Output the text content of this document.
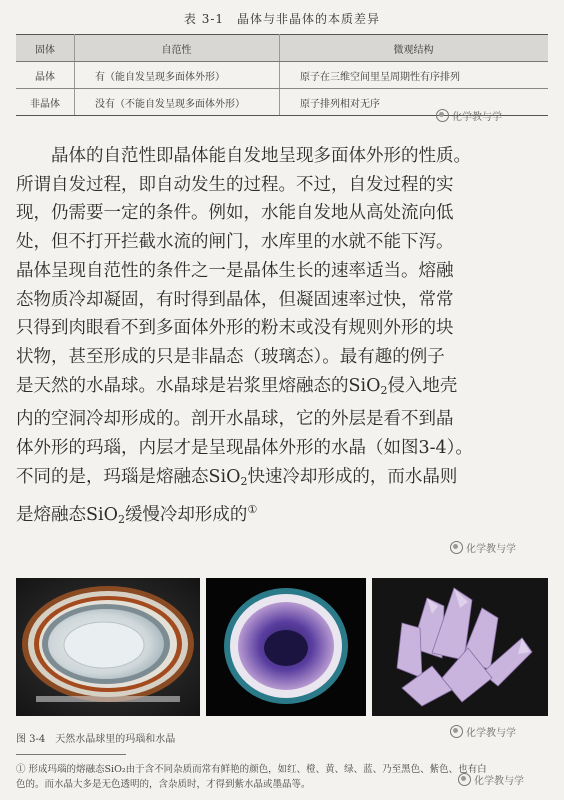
表 3-1　晶体与非晶体的本质差异
固体	自范性	微观结构
晶体	有（能自发呈现多面体外形）	原子在三维空间里呈周期性有序排列
非晶体	没有（不能自发呈现多面体外形）	原子排列相对无序
化学教与学
　　晶体的自范性即晶体能自发地呈现多面体外形的性质。
所谓自发过程，即自动发生的过程。不过，自发过程的实
现，仍需要一定的条件。例如，水能自发地从高处流向低
处，但不打开拦截水流的闸门，水库里的水就不能下泻。
晶体呈现自范性的条件之一是晶体生长的速率适当。熔融
态物质冷却凝固，有时得到晶体，但凝固速率过快，常常
只得到肉眼看不到多面体外形的粉末或没有规则外形的块
状物，甚至形成的只是非晶态（玻璃态）。最有趣的例子
是天然的水晶球。水晶球是岩浆里熔融态的SiO$_2$侵入地壳
内的空洞冷却形成的。剖开水晶球，它的外层是看不到晶
体外形的玛瑙，内层才是呈现晶体外形的水晶（如图3-4）。
不同的是，玛瑙是熔融态SiO$_2$快速冷却形成的，而水晶则
是熔融态SiO$_2$缓慢冷却形成的①
化学教与学
图 3-4　天然水晶球里的玛瑙和水晶
化学教与学
① 形成玛瑙的熔融态SiO₂由于含不同杂质而常有鲜艳的颜色，如红、橙、黄、绿、蓝、乃至黑色、紫色、也有白
色的。而水晶大多是无色透明的，含杂质时，才得到紫水晶或墨晶等。	化学教与学
